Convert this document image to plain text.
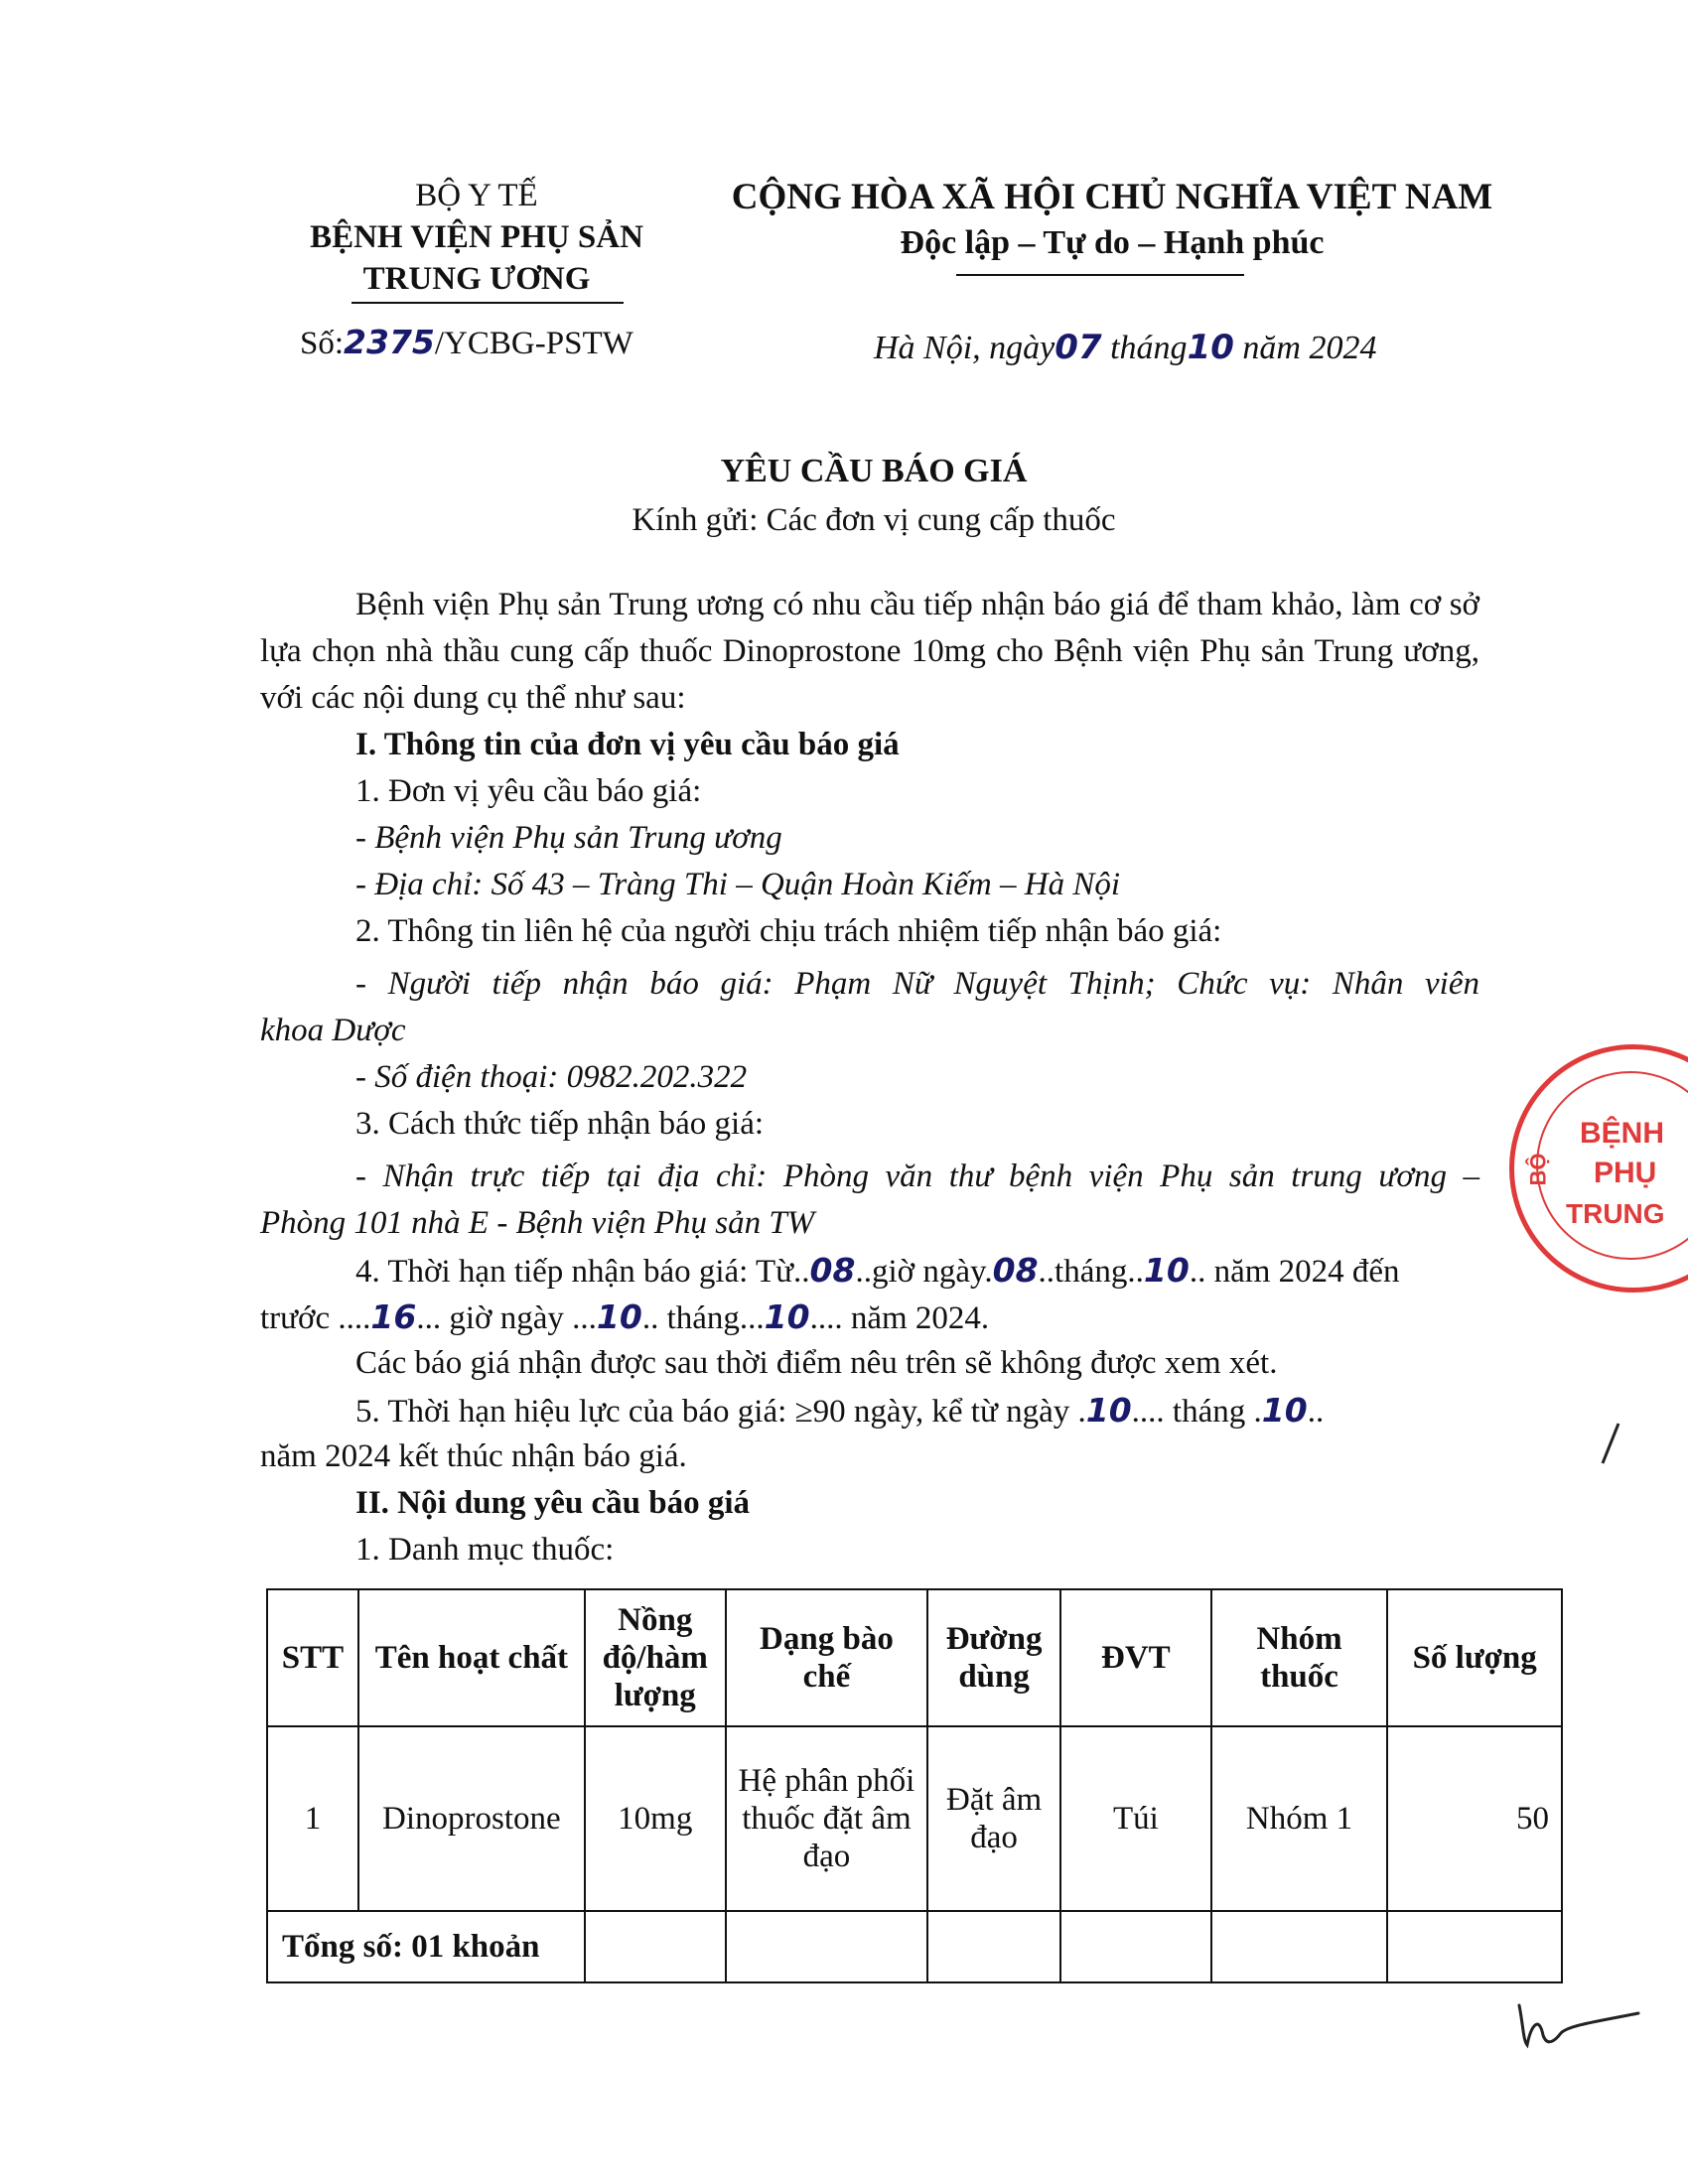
BỘ Y TẾ
BỆNH VIỆN PHỤ SẢN
TRUNG ƯƠNG
Số:2375/YCBG-PSTW
CỘNG HÒA XÃ HỘI CHỦ NGHĨA VIỆT NAM
Độc lập – Tự do – Hạnh phúc
Hà Nội, ngày07 tháng10 năm 2024
YÊU CẦU BÁO GIÁ
Kính gửi: Các đơn vị cung cấp thuốc
Bệnh viện Phụ sản Trung ương có nhu cầu tiếp nhận báo giá để tham khảo, làm cơ sở lựa chọn nhà thầu cung cấp thuốc Dinoprostone 10mg cho Bệnh viện Phụ sản Trung ương, với các nội dung cụ thể như sau:
I. Thông tin của đơn vị yêu cầu báo giá
1. Đơn vị yêu cầu báo giá:
- Bệnh viện Phụ sản Trung ương
- Địa chỉ: Số 43 – Tràng Thi – Quận Hoàn Kiếm – Hà Nội
2. Thông tin liên hệ của người chịu trách nhiệm tiếp nhận báo giá:
- Người tiếp nhận báo giá: Phạm Nữ Nguyệt Thịnh; Chức vụ: Nhân viên
khoa Dược
- Số điện thoại: 0982.202.322
3. Cách thức tiếp nhận báo giá:
- Nhận trực tiếp tại địa chỉ: Phòng văn thư bệnh viện Phụ sản trung ương –
Phòng 101 nhà E - Bệnh viện Phụ sản TW
4. Thời hạn tiếp nhận báo giá: Từ..08..giờ ngày.08..tháng..10.. năm 2024 đến
trước ....16... giờ ngày ...10.. tháng...10.... năm 2024.
Các báo giá nhận được sau thời điểm nêu trên sẽ không được xem xét.
5. Thời hạn hiệu lực của báo giá: ≥90 ngày, kể từ ngày .10.... tháng .10..
năm 2024 kết thúc nhận báo giá.
II. Nội dung yêu cầu báo giá
1. Danh mục thuốc:
STT	Tên hoạt chất	Nồng độ/hàm lượng	Dạng bào chế	Đường dùng	ĐVT	Nhóm thuốc	Số lượng
1	Dinoprostone	10mg	Hệ phân phối thuốc đặt âm đạo	Đặt âm đạo	Túi	Nhóm 1	50
Tổng số: 01 khoản							
BỆNH
PHỤ
TRUNG
BỘ
